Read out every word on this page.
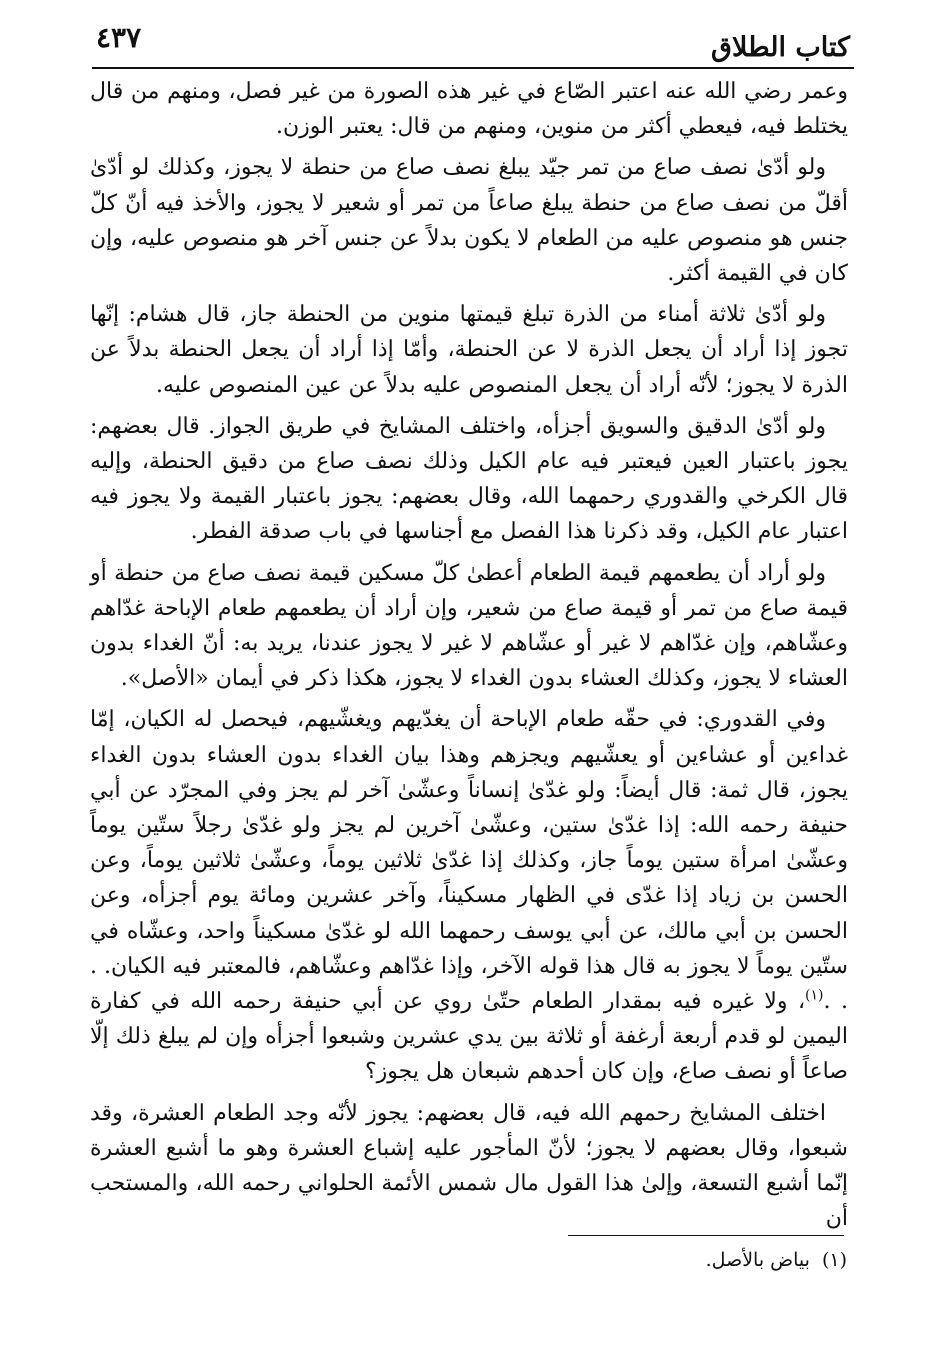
كتاب الطلاق
٤٣٧

وعمر رضي الله عنه اعتبر الصّاع في غير هذه الصورة من غير فصل، ومنهم من قال يختلط فيه، فيعطي أكثر من منوين، ومنهم من قال: يعتبر الوزن.

ولو أدّىٰ نصف صاع من تمر جيّد يبلغ نصف صاع من حنطة لا يجوز، وكذلك لو أدّىٰ أقلّ من نصف صاع من حنطة يبلغ صاعاً من تمر أو شعير لا يجوز، والأخذ فيه أنّ كلّ جنس هو منصوص عليه من الطعام لا يكون بدلاً عن جنس آخر هو منصوص عليه، وإن كان في القيمة أكثر.

ولو أدّىٰ ثلاثة أمناء من الذرة تبلغ قيمتها منوين من الحنطة جاز، قال هشام: إنّها تجوز إذا أراد أن يجعل الذرة لا عن الحنطة، وأمّا إذا أراد أن يجعل الحنطة بدلاً عن الذرة لا يجوز؛ لأنّه أراد أن يجعل المنصوص عليه بدلاً عن عين المنصوص عليه.

ولو أدّىٰ الدقيق والسويق أجزأه، واختلف المشايخ في طريق الجواز. قال بعضهم: يجوز باعتبار العين فيعتبر فيه عام الكيل وذلك نصف صاع من دقيق الحنطة، وإليه قال الكرخي والقدوري رحمهما الله، وقال بعضهم: يجوز باعتبار القيمة ولا يجوز فيه اعتبار عام الكيل، وقد ذكرنا هذا الفصل مع أجناسها في باب صدقة الفطر.

ولو أراد أن يطعمهم قيمة الطعام أعطىٰ كلّ مسكين قيمة نصف صاع من حنطة أو قيمة صاع من تمر أو قيمة صاع من شعير، وإن أراد أن يطعمهم طعام الإباحة غدّاهم وعشّاهم، وإن غدّاهم لا غير أو عشّاهم لا غير لا يجوز عندنا، يريد به: أنّ الغداء بدون العشاء لا يجوز، وكذلك العشاء بدون الغداء لا يجوز، هكذا ذكر في أيمان «الأصل».

وفي القدوري: في حقّه طعام الإباحة أن يغدّيهم ويغشّيهم، فيحصل له الكيان، إمّا غداءين أو عشاءين أو يعشّيهم ويجزهم وهذا بيان الغداء بدون العشاء بدون الغداء يجوز، قال ثمة: قال أيضاً: ولو غدّىٰ إنساناً وعشّىٰ آخر لم يجز وفي المجرّد عن أبي حنيفة رحمه الله: إذا غدّىٰ ستين، وعشّىٰ آخرين لم يجز ولو غدّىٰ رجلاً ستّين يوماً وعشّىٰ امرأة ستين يوماً جاز، وكذلك إذا غدّىٰ ثلاثين يوماً، وعشّىٰ ثلاثين يوماً، وعن الحسن بن زياد إذا غدّى في الظهار مسكيناً، وآخر عشرين ومائة يوم أجزأه، وعن الحسن بن أبي مالك، عن أبي يوسف رحمهما الله لو غدّىٰ مسكيناً واحد، وعشّاه في ستّين يوماً لا يجوز به قال هذا قوله الآخر، وإذا غدّاهم وعشّاهم، فالمعتبر فيه الكيان. . . .$^{(١)}$، ولا غيره فيه بمقدار الطعام حتّىٰ روي عن أبي حنيفة رحمه الله في كفارة اليمين لو قدم أربعة أرغفة أو ثلاثة بين يدي عشرين وشبعوا أجزأه وإن لم يبلغ ذلك إلّا صاعاً أو نصف صاع، وإن كان أحدهم شبعان هل يجوز؟

اختلف المشايخ رحمهم الله فيه، قال بعضهم: يجوز لأنّه وجد الطعام العشرة، وقد شبعوا، وقال بعضهم لا يجوز؛ لأنّ المأجور عليه إشباع العشرة وهو ما أشبع العشرة إنّما أشبع التسعة، وإلىٰ هذا القول مال شمس الأئمة الحلواني رحمه الله، والمستحب أن

(١)بياض بالأصل.
